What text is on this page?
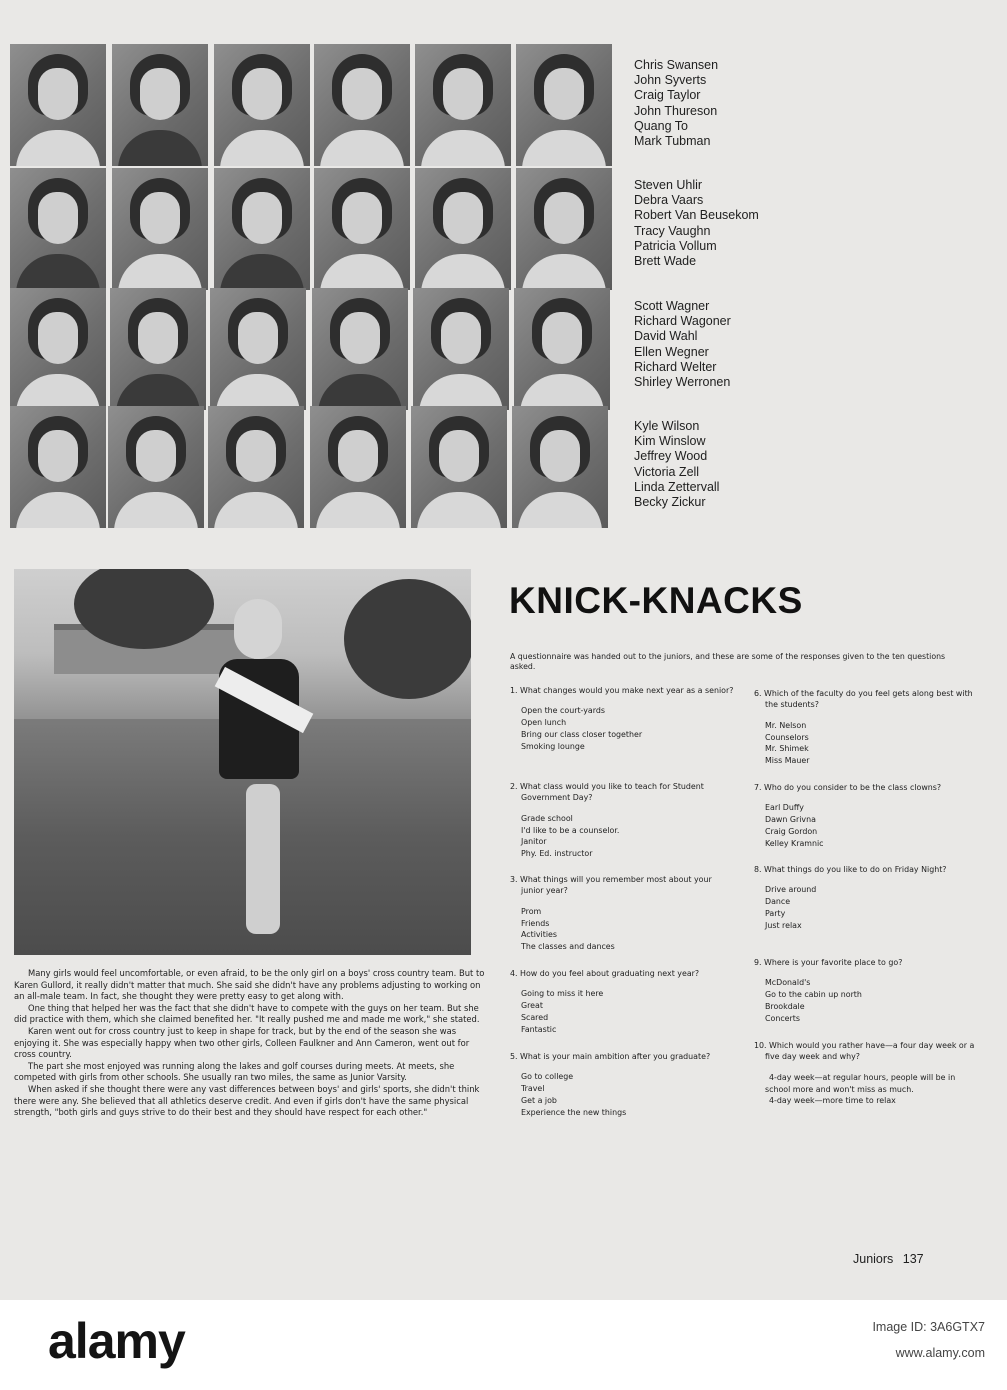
Chris Swansen
John Syverts
Craig Taylor
John Thureson
Quang To
Mark Tubman
Steven Uhlir
Debra Vaars
Robert Van Beusekom
Tracy Vaughn
Patricia Vollum
Brett Wade
Scott Wagner
Richard Wagoner
David Wahl
Ellen Wegner
Richard Welter
Shirley Werronen
Kyle Wilson
Kim Winslow
Jeffrey Wood
Victoria Zell
Linda Zettervall
Becky Zickur

Many girls would feel uncomfortable, or even afraid, to be the only girl on a boys' cross country team. But to Karen Gullord, it really didn't matter that much. She said she didn't have any problems adjusting to working on an all-male team. In fact, she thought they were pretty easy to get along with.

One thing that helped her was the fact that she didn't have to compete with the guys on her team. But she did practice with them, which she claimed benefited her. "It really pushed me and made me work," she stated.

Karen went out for cross country just to keep in shape for track, but by the end of the season she was enjoying it. She was especially happy when two other girls, Colleen Faulkner and Ann Cameron, went out for cross country.

The part she most enjoyed was running along the lakes and golf courses during meets. At meets, she competed with girls from other schools. She usually ran two miles, the same as Junior Varsity.

When asked if she thought there were any vast differences between boys' and girls' sports, she didn't think there were any. She believed that all athletics deserve credit. And even if girls don't have the same physical strength, "both girls and guys strive to do their best and they should have respect for each other."

KNICK-KNACKS
A questionnaire was handed out to the juniors, and these are some of the responses given to the ten questions asked.
1. What changes would you make next year as a senior?
Open the court-yards
Open lunch
Bring our class closer together
Smoking lounge
2. What class would you like to teach for Student Government Day?
Grade school
I'd like to be a counselor.
Janitor
Phy. Ed. instructor
3. What things will you remember most about your junior year?
Prom
Friends
Activities
The classes and dances
4. How do you feel about graduating next year?
Going to miss it here
Great
Scared
Fantastic
5. What is your main ambition after you graduate?
Go to college
Travel
Get a job
Experience the new things
6. Which of the faculty do you feel gets along best with the students?
Mr. Nelson
Counselors
Mr. Shimek
Miss Mauer
7. Who do you consider to be the class clowns?
Earl Duffy
Dawn Grivna
Craig Gordon
Kelley Kramnic
8. What things do you like to do on Friday Night?
Drive around
Dance
Party
Just relax
9. Where is your favorite place to go?
McDonald's
Go to the cabin up north
Brookdale
Concerts
10. Which would you rather have—a four day week or a five day week and why?
4-day week—at regular hours, people will be in school more and won't miss as much.
4-day week—more time to relax
Juniors 137
alamy	Image ID: 3A6GTX7
www.alamy.com
